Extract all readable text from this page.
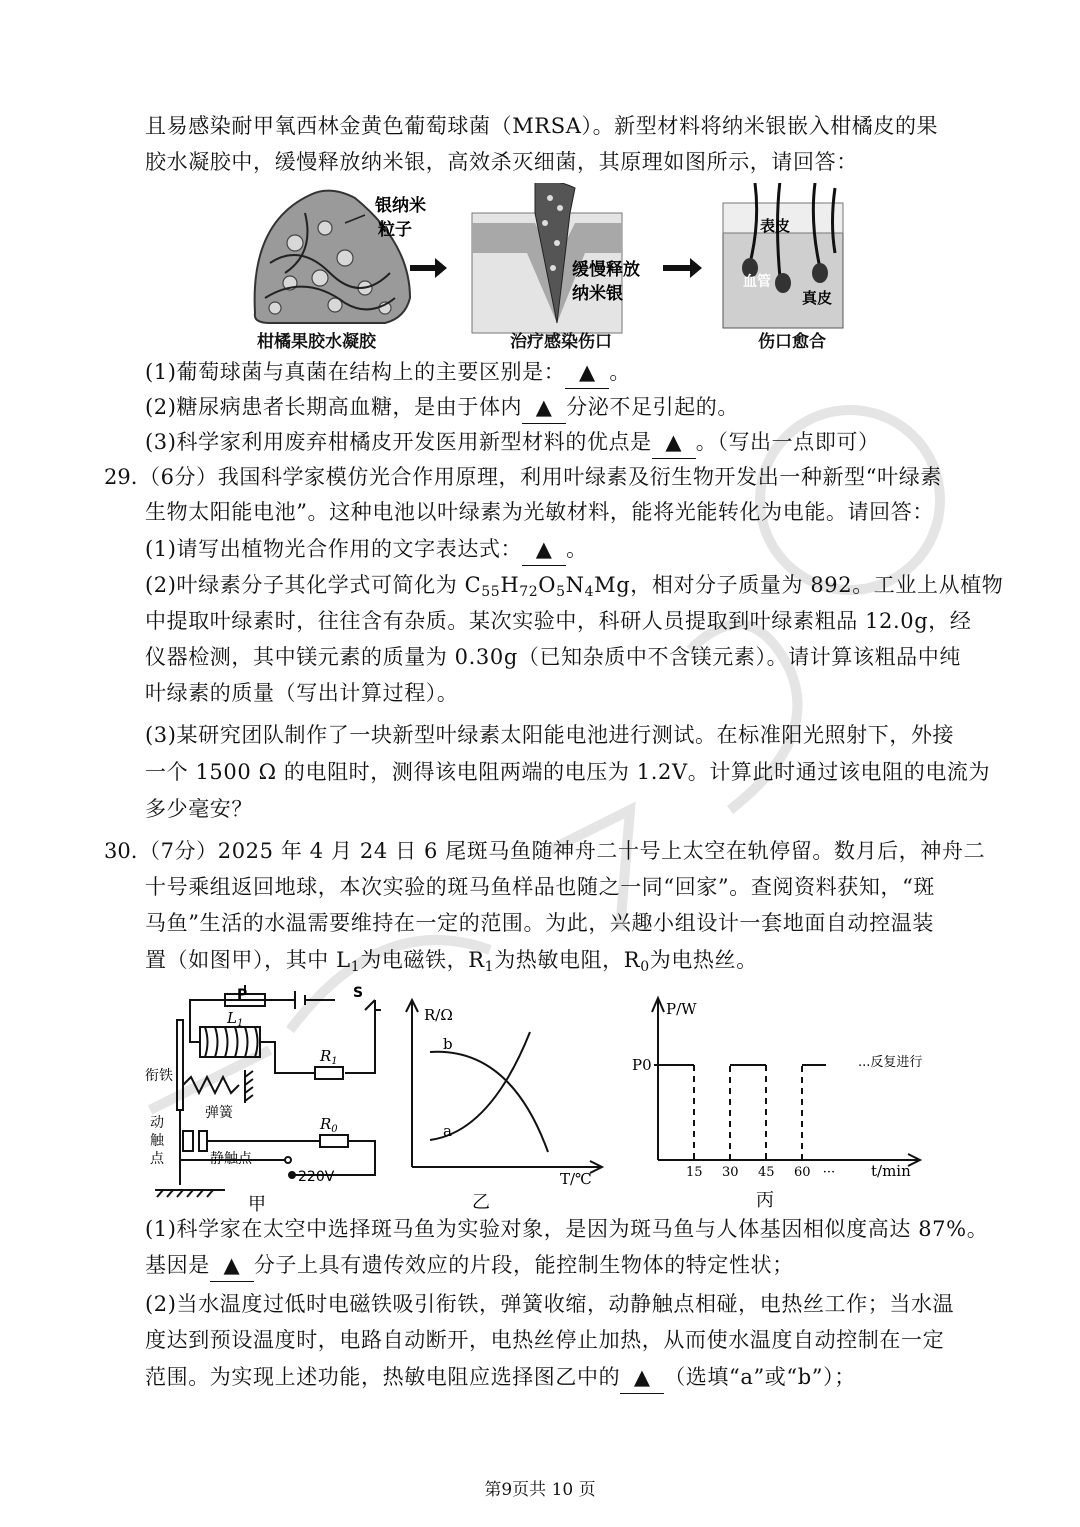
且易感染耐甲氧西林金黄色葡萄球菌（MRSA）。新型材料将纳米银嵌入柑橘皮的果
胶水凝胶中，缓慢释放纳米银，高效杀灭细菌，其原理如图所示，请回答：
银纳米
粒子
缓慢释放
纳米银
表皮
血管
真皮
柑橘果胶水凝胶	治疗感染伤口	伤口愈合
(1)葡萄球菌与真菌在结构上的主要区别是： ▲ 。
(2)糖尿病患者长期高血糖，是由于体内 ▲ 分泌不足引起的。
(3)科学家利用废弃柑橘皮开发医用新型材料的优点是 ▲ 。（写出一点即可）
29. （6分）我国科学家模仿光合作用原理，利用叶绿素及衍生物开发出一种新型“叶绿素
生物太阳能电池”。这种电池以叶绿素为光敏材料，能将光能转化为电能。请回答：
(1)请写出植物光合作用的文字表达式： ▲ 。
(2)叶绿素分子其化学式可简化为 $C_{55}H_{72}O_5N_4Mg$，相对分子质量为 892。工业上从植物
中提取叶绿素时，往往含有杂质。某次实验中，科研人员提取到叶绿素粗品 12.0g，经
仪器检测，其中镁元素的质量为 0.30g（已知杂质中不含镁元素）。请计算该粗品中纯
叶绿素的质量（写出计算过程）。
(3)某研究团队制作了一块新型叶绿素太阳能电池进行测试。在标准阳光照射下，外接
一个 1500 Ω 的电阻时，测得该电阻两端的电压为 1.2V。计算此时通过该电阻的电流为
多少毫安？
30. （7分）2025 年 4 月 24 日 6 尾斑马鱼随神舟二十号上太空在轨停留。数月后，神舟二
十号乘组返回地球，本次实验的斑马鱼样品也随之一同“回家”。查阅资料获知，“斑
马鱼”生活的水温需要维持在一定的范围。为此，兴趣小组设计一套地面自动控温装
置（如图甲），其中 $L_1$为电磁铁，$R_1$为热敏电阻，$R_0$为电热丝。
P	S
$L_1$
$R_1$
$R_0$
衔铁
弹簧
动
触
点	静触点
220V
甲
R/Ω
T/℃
b
a
乙
15 30 45 60 ···
P/W
P0	...反复进行
t/min
丙
(1)科学家在太空中选择斑马鱼为实验对象，是因为斑马鱼与人体基因相似度高达 87%。
基因是 ▲ 分子上具有遗传效应的片段，能控制生物体的特定性状；
(2)当水温度过低时电磁铁吸引衔铁，弹簧收缩，动静触点相碰，电热丝工作；当水温
度达到预设温度时，电路自动断开，电热丝停止加热，从而使水温度自动控制在一定
范围。为实现上述功能，热敏电阻应选择图乙中的 ▲ （选填“a”或“b”）；
第9页共 10 页
